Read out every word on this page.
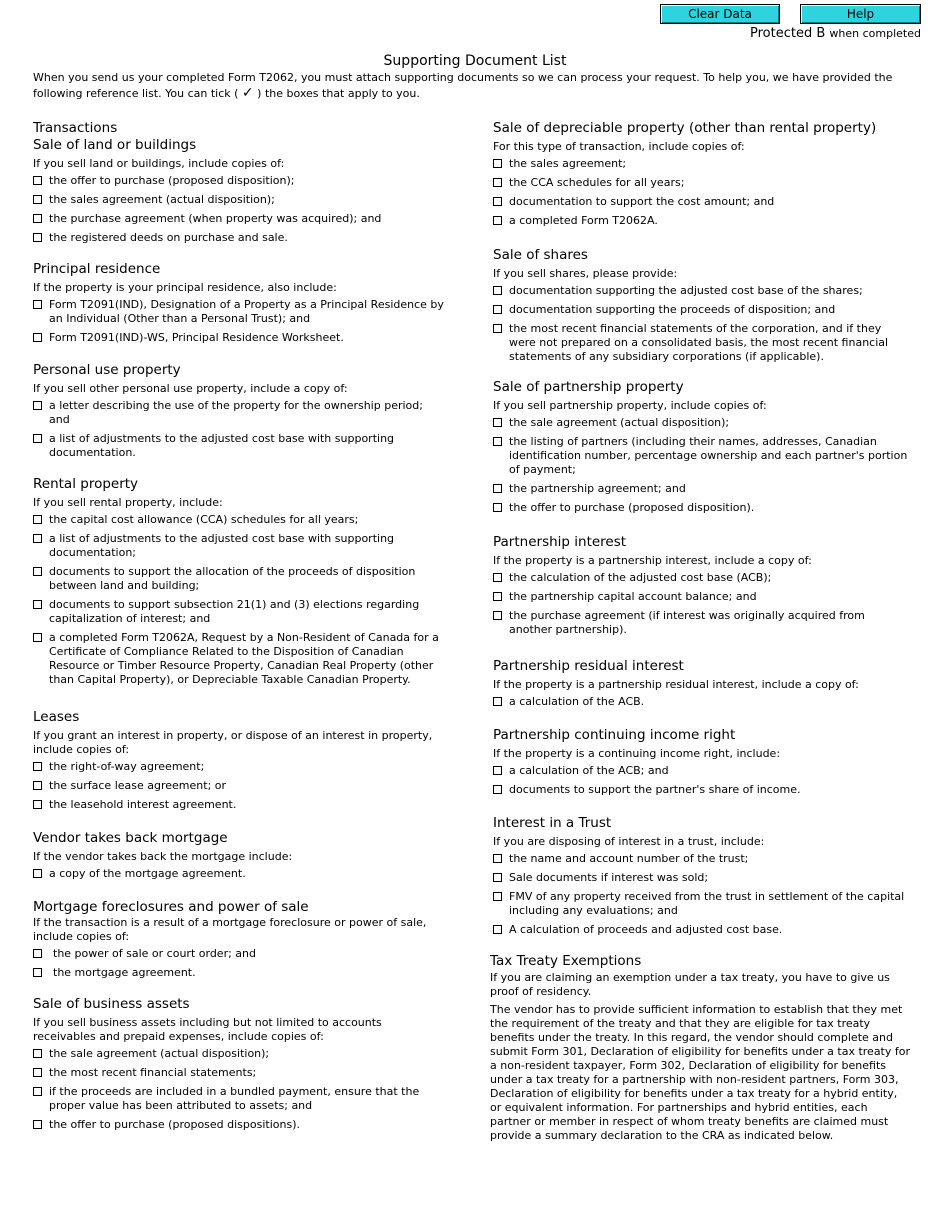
Clear Data	Help
Protected B when completed
Supporting Document List
When you send us your completed Form T2062, you must attach supporting documents so we can process your request. To help you, we have provided the following reference list. You can tick ( ✓ ) the boxes that apply to you.
Transactions
Sale of land or buildings
If you sell land or buildings, include copies of:
the offer to purchase (proposed disposition);
the sales agreement (actual disposition);
the purchase agreement (when property was acquired); and
the registered deeds on purchase and sale.
Principal residence
If the property is your principal residence, also include:
Form T2091(IND), Designation of a Property as a Principal Residence by an Individual (Other than a Personal Trust); and
Form T2091(IND)-WS, Principal Residence Worksheet.
Personal use property
If you sell other personal use property, include a copy of:
a letter describing the use of the property for the ownership period; and
a list of adjustments to the adjusted cost base with supporting documentation.
Rental property
If you sell rental property, include:
the capital cost allowance (CCA) schedules for all years;
a list of adjustments to the adjusted cost base with supporting documentation;
documents to support the allocation of the proceeds of disposition between land and building;
documents to support subsection 21(1) and (3) elections regarding capitalization of interest; and
a completed Form T2062A, Request by a Non-Resident of Canada for a Certificate of Compliance Related to the Disposition of Canadian Resource or Timber Resource Property, Canadian Real Property (other than Capital Property), or Depreciable Taxable Canadian Property.
Leases
If you grant an interest in property, or dispose of an interest in property, include copies of:
the right-of-way agreement;
the surface lease agreement; or
the leasehold interest agreement.
Vendor takes back mortgage
If the vendor takes back the mortgage include:
a copy of the mortgage agreement.
Mortgage foreclosures and power of sale
If the transaction is a result of a mortgage foreclosure or power of sale, include copies of:
the power of sale or court order; and
the mortgage agreement.
Sale of business assets
If you sell business assets including but not limited to accounts receivables and prepaid expenses, include copies of:
the sale agreement (actual disposition);
the most recent financial statements;
if the proceeds are included in a bundled payment, ensure that the proper value has been attributed to assets; and
the offer to purchase (proposed dispositions).
Sale of depreciable property (other than rental property)
For this type of transaction, include copies of:
the sales agreement;
the CCA schedules for all years;
documentation to support the cost amount; and
a completed Form T2062A.
Sale of shares
If you sell shares, please provide:
documentation supporting the adjusted cost base of the shares;
documentation supporting the proceeds of disposition; and
the most recent financial statements of the corporation, and if they were not prepared on a consolidated basis, the most recent financial statements of any subsidiary corporations (if applicable).
Sale of partnership property
If you sell partnership property, include copies of:
the sale agreement (actual disposition);
the listing of partners (including their names, addresses, Canadian identification number, percentage ownership and each partner's portion of payment;
the partnership agreement; and
the offer to purchase (proposed disposition).
Partnership interest
If the property is a partnership interest, include a copy of:
the calculation of the adjusted cost base (ACB);
the partnership capital account balance; and
the purchase agreement (if interest was originally acquired from another partnership).
Partnership residual interest
If the property is a partnership residual interest, include a copy of:
a calculation of the ACB.
Partnership continuing income right
If the property is a continuing income right, include:
a calculation of the ACB; and
documents to support the partner's share of income.
Interest in a Trust
If you are disposing of interest in a trust, include:
the name and account number of the trust;
Sale documents if interest was sold;
FMV of any property received from the trust in settlement of the capital including any evaluations; and
A calculation of proceeds and adjusted cost base.
Tax Treaty Exemptions
If you are claiming an exemption under a tax treaty, you have to give us proof of residency.
The vendor has to provide sufficient information to establish that they met the requirement of the treaty and that they are eligible for tax treaty benefits under the treaty. In this regard, the vendor should complete and submit Form 301, Declaration of eligibility for benefits under a tax treaty for a non-resident taxpayer, Form 302, Declaration of eligibility for benefits under a tax treaty for a partnership with non-resident partners, Form 303, Declaration of eligibility for benefits under a tax treaty for a hybrid entity, or equivalent information. For partnerships and hybrid entities, each partner or member in respect of whom treaty benefits are claimed must provide a summary declaration to the CRA as indicated below.
